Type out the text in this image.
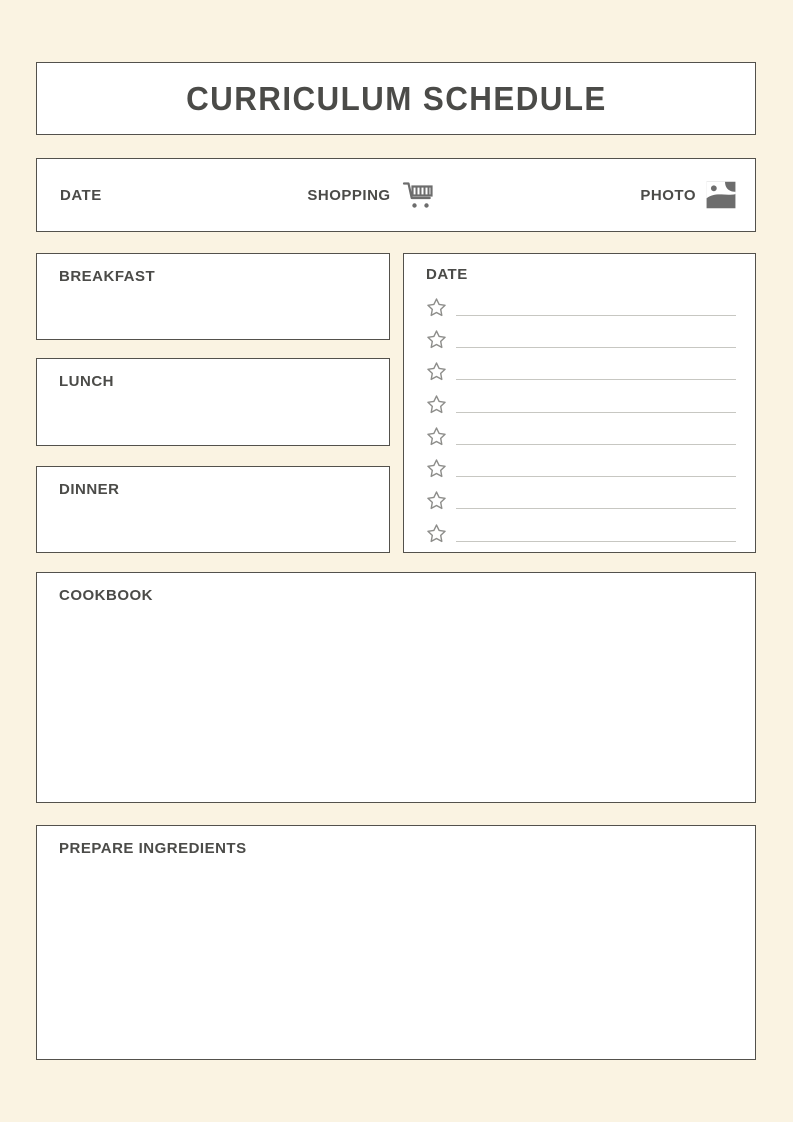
CURRICULUM SCHEDULE
DATE	SHOPPING	PHOTO
BREAKFAST
LUNCH
DINNER
DATE
COOKBOOK
PREPARE INGREDIENTS
